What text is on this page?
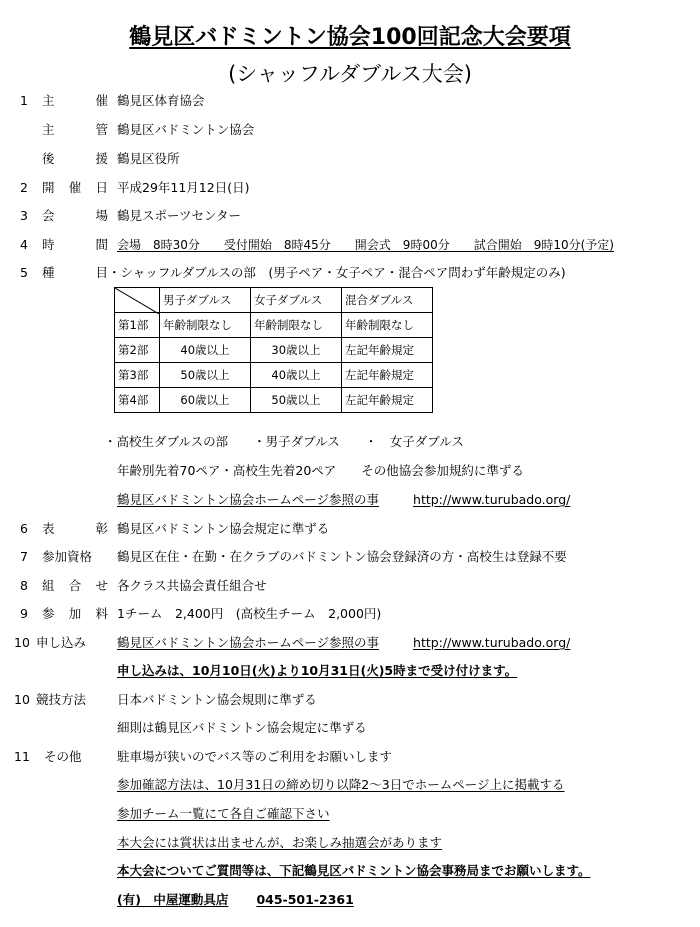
鶴見区バドミントン協会100回記念大会要項
(シャッフルダブルス大会)
1 主　催 鶴見区体育協会
主　管 鶴見区バドミントン協会
後　援 鶴見区役所
2 開催日 平成29年11月12日(日)
3 会　場 鶴見スポーツセンター
4 時　間 会場　8時30分　　受付開始　8時45分　　開会式　9時00分　　試合開始　9時10分(予定)
5 種　目 ・シャッフルダブルスの部　(男子ペア・女子ペア・混合ペア問わず年齢規定のみ)
	男子ダブルス	女子ダブルス	混合ダブルス
第1部	年齢制限なし	年齢制限なし	年齢制限なし
第2部	40歳以上	30歳以上	左記年齢規定
第3部	50歳以上	40歳以上	左記年齢規定
第4部	60歳以上	50歳以上	左記年齢規定
・高校生ダブルスの部　　・男子ダブルス　　・　女子ダブルス
年齢別先着70ペア・高校生先着20ペア　　その他協会参加規約に準ずる
鶴見区バドミントン協会ホームページ参照の事	http://www.turubado.org/
6 表　彰 鶴見区バドミントン協会規定に準ずる
7 参加資格	鶴見区在住・在勤・在クラブのバドミントン協会登録済の方・高校生は登録不要
8 組合せ 各クラス共協会責任組合せ
9 参加料 1チーム　2,400円　(高校生チーム　2,000円)
10 申し込み	鶴見区バドミントン協会ホームページ参照の事	http://www.turubado.org/
申し込みは、10月10日(火)より10月31日(火)5時まで受け付けます。
10 競技方法	日本バドミントン協会規則に準ずる
細則は鶴見区バドミントン協会規定に準ずる
11 その他	駐車場が狭いのでバス等のご利用をお願いします
参加確認方法は、10月31日の締め切り以降2〜3日でホームページ上に掲載する
参加チーム一覧にて各自ご確認下さい
本大会には賞状は出ませんが、お楽しみ抽選会があります
本大会についてご質問等は、下記鶴見区バドミントン協会事務局までお願いします。
(有)　中屋運動具店 045-501-2361
